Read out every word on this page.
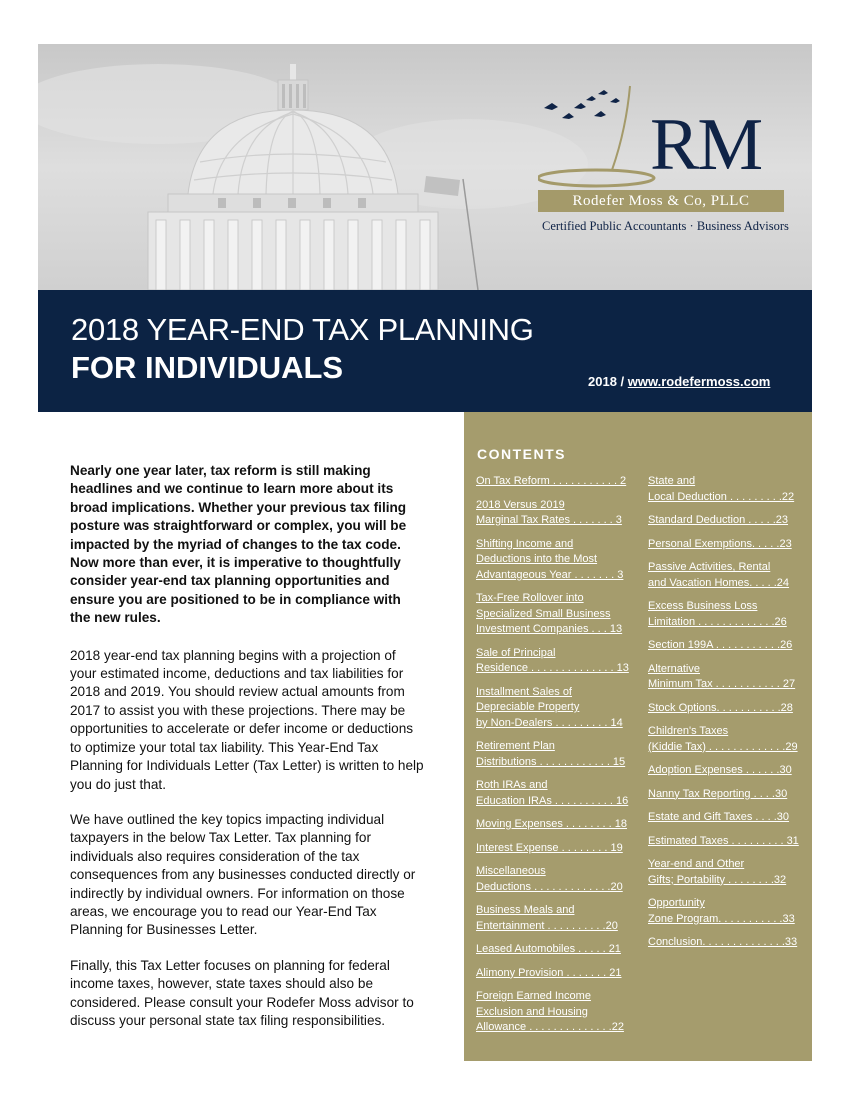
RM
Rodefer Moss & Co, PLLC
Certified Public Accountants · Business Advisors
2018 YEAR-END TAX PLANNING
FOR INDIVIDUALS	2018 / www.rodefermoss.com

Nearly one year later, tax reform is still making headlines and we continue to learn more about its broad implications. Whether your previous tax filing posture was straightforward or complex, you will be impacted by the myriad of changes to the tax code. Now more than ever, it is imperative to thoughtfully consider year-end tax planning opportunities and ensure you are positioned to be in compliance with the new rules.

2018 year-end tax planning begins with a projection of your estimated income, deductions and tax liabilities for 2018 and 2019. You should review actual amounts from 2017 to assist you with these projections. There may be opportunities to accelerate or defer income or deductions to optimize your total tax liability. This Year-End Tax Planning for Individuals Letter (Tax Letter) is written to help you do just that.

We have outlined the key topics impacting individual taxpayers in the below Tax Letter. Tax planning for individuals also requires consideration of the tax consequences from any businesses conducted directly or indirectly by individual owners. For information on those areas, we encourage you to read our Year-End Tax Planning for Businesses Letter.

Finally, this Tax Letter focuses on planning for federal income taxes, however, state taxes should also be considered. Please consult your Rodefer Moss advisor to discuss your personal state tax filing responsibilities.

CONTENTS
On Tax Reform . . . . . . . . . . . 2
2018 Versus 2019
Marginal Tax Rates . . . . . . . 3
Shifting Income and
Deductions into the Most
Advantageous Year . . . . . . . 3
Tax-Free Rollover into
Specialized Small Business
Investment Companies . . . 13
Sale of Principal
Residence . . . . . . . . . . . . . . 13
Installment Sales of
Depreciable Property
by Non-Dealers . . . . . . . . . 14
Retirement Plan
Distributions . . . . . . . . . . . . 15
Roth IRAs and
Education IRAs . . . . . . . . . . 16
Moving Expenses . . . . . . . . 18
Interest Expense . . . . . . . . 19
Miscellaneous
Deductions . . . . . . . . . . . . .20
Business Meals and
Entertainment . . . . . . . . . .20
Leased Automobiles . . . . . 21
Alimony Provision . . . . . . . 21
Foreign Earned Income
Exclusion and Housing
Allowance . . . . . . . . . . . . . .22
State and
Local Deduction . . . . . . . . .22
Standard Deduction . . . . .23
Personal Exemptions. . . . .23
Passive Activities, Rental
and Vacation Homes. . . . .24
Excess Business Loss
Limitation . . . . . . . . . . . . .26
Section 199A . . . . . . . . . . .26
Alternative
Minimum Tax . . . . . . . . . . . 27
Stock Options. . . . . . . . . . .28
Children's Taxes
(Kiddie Tax) . . . . . . . . . . . . .29
Adoption Expenses . . . . . .30
Nanny Tax Reporting . . . .30
Estate and Gift Taxes . . . .30
Estimated Taxes . . . . . . . . . 31
Year-end and Other
Gifts; Portability . . . . . . . .32
Opportunity
Zone Program. . . . . . . . . . .33
Conclusion. . . . . . . . . . . . . .33
